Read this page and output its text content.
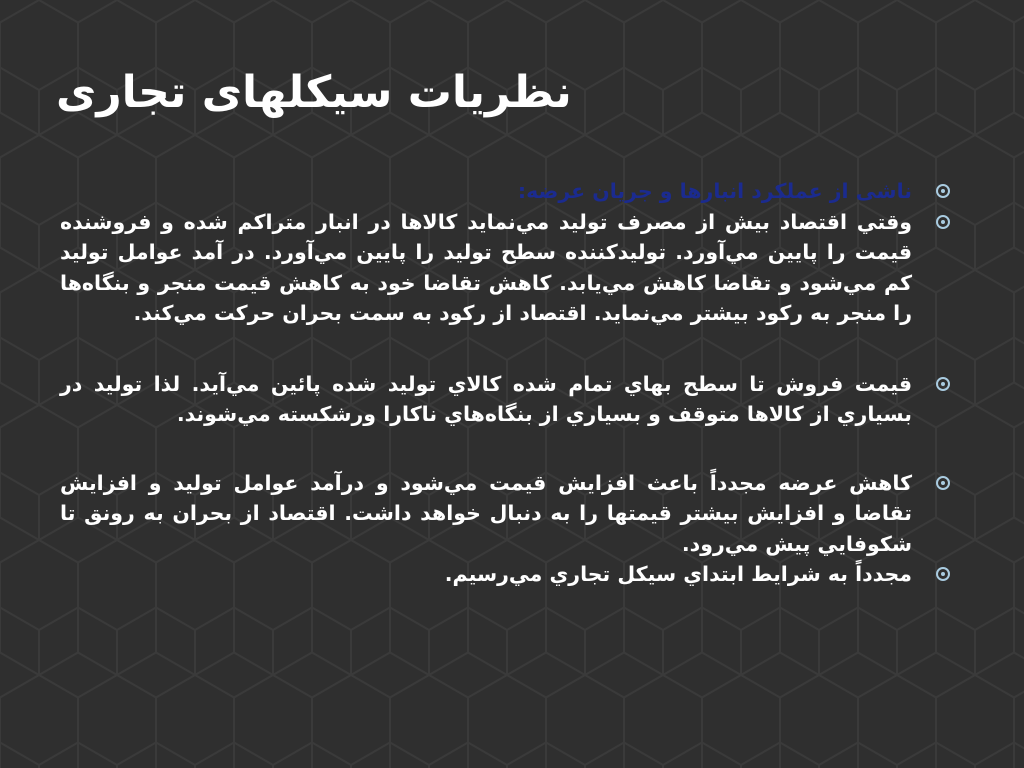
نظریات سیکلهای تجاری
ناشی از عملکرد انبارها و جریان عرضه:
وقتي اقتصاد بيش از مصرف توليد مي‌نمايد كالاها در انبار متراكم شده و فروشنده قيمت را پايين مي‌آورد. توليدكننده سطح توليد را پايين مي‌آورد. در آمد عوامل توليد كم مي‌شود و تقاضا كاهش مي‌يابد. كاهش تقاضا خود به كاهش قيمت منجر و بنگاه‌ها را منجر به ركود بيشتر مي‌نمايد. اقتصاد از ركود به سمت بحران حركت مي‌كند.
قيمت فروش تا سطح بهاي تمام شده كالاي توليد شده پائين مي‌آيد. لذا توليد در بسياري از كالاها متوقف و بسياري از بنگاه‌هاي ناكارا ورشكسته مي‌شوند.
كاهش عرضه مجدداً باعث افزايش قيمت مي‌شود و درآمد عوامل توليد و افزايش تقاضا و افزايش بيشتر قيمتها را به دنبال خواهد داشت. اقتصاد از بحران به رونق تا شكوفايي پيش مي‌رود.
مجدداً به شرايط ابتداي سيكل تجاري مي‌رسيم.
